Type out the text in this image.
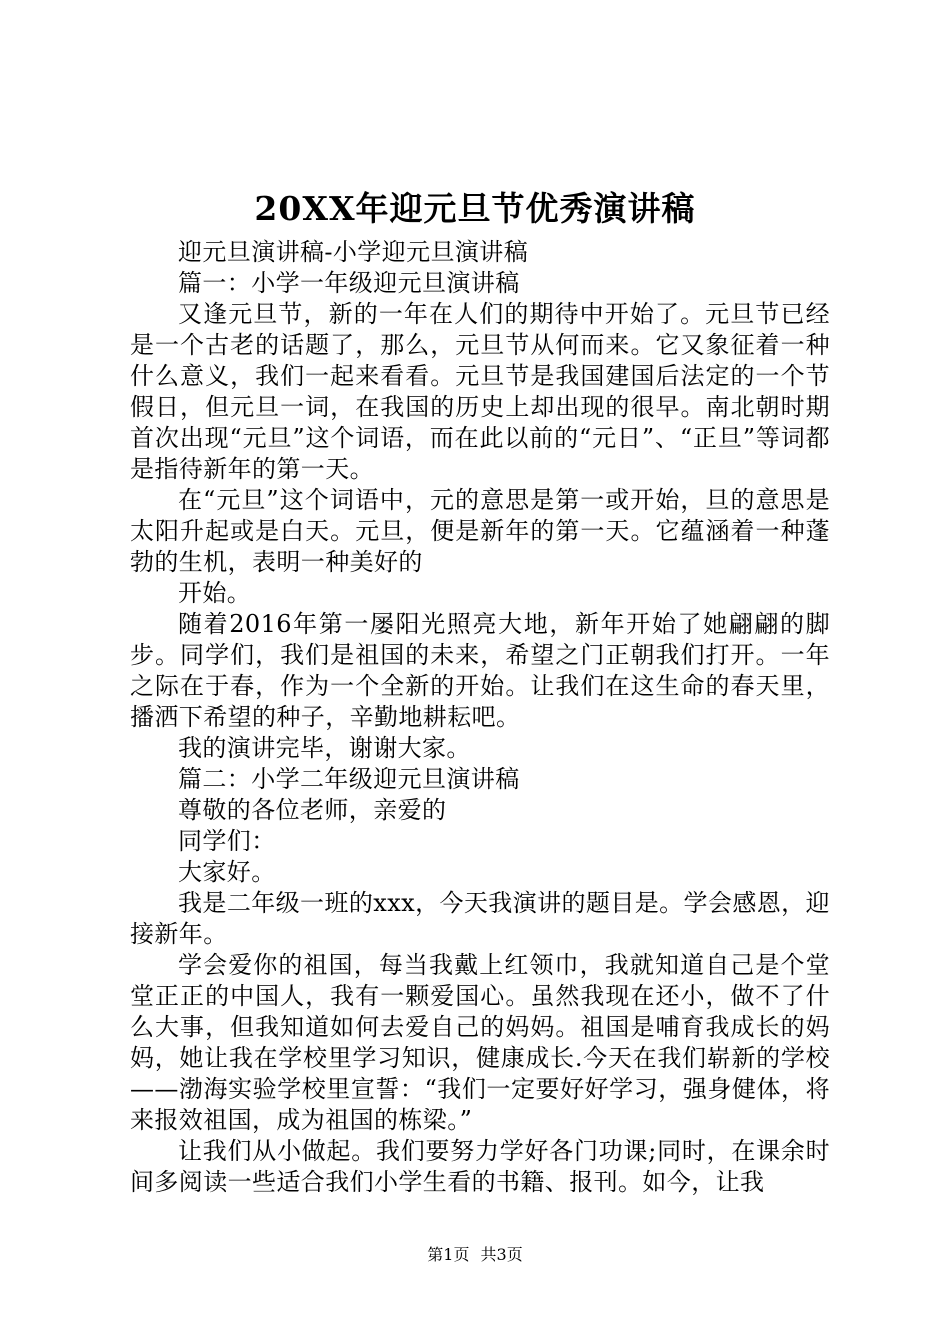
20XX年迎元旦节优秀演讲稿

迎元旦演讲稿-小学迎元旦演讲稿

篇一：小学一年级迎元旦演讲稿

又逢元旦节，新的一年在人们的期待中开始了。元旦节已经是一个古老的话题了，那么，元旦节从何而来。它又象征着一种什么意义，我们一起来看看。元旦节是我国建国后法定的一个节假日，但元旦一词，在我国的历史上却出现的很早。南北朝时期首次出现“元旦”这个词语，而在此以前的“元日”、“正旦”等词都是指待新年的第一天。

在“元旦”这个词语中，元的意思是第一或开始，旦的意思是太阳升起或是白天。元旦，便是新年的第一天。它蕴涵着一种蓬勃的生机，表明一种美好的

开始。

随着2016年第一屡阳光照亮大地，新年开始了她翩翩的脚步。同学们，我们是祖国的未来，希望之门正朝我们打开。一年之际在于春，作为一个全新的开始。让我们在这生命的春天里，播洒下希望的种子，辛勤地耕耘吧。

我的演讲完毕，谢谢大家。

篇二：小学二年级迎元旦演讲稿

尊敬的各位老师，亲爱的

同学们：

大家好。

我是二年级一班的xxx，今天我演讲的题目是。学会感恩，迎接新年。

学会爱你的祖国，每当我戴上红领巾，我就知道自己是个堂堂正正的中国人，我有一颗爱国心。虽然我现在还小，做不了什么大事，但我知道如何去爱自己的妈妈。祖国是哺育我成长的妈妈，她让我在学校里学习知识，健康成长.今天在我们崭新的学校——渤海实验学校里宣誓：“我们一定要好好学习，强身健体，将来报效祖国，成为祖国的栋梁。”

让我们从小做起。我们要努力学好各门功课;同时，在课余时间多阅读一些适合我们小学生看的书籍、报刊。如今，让我

第1页 共3页
